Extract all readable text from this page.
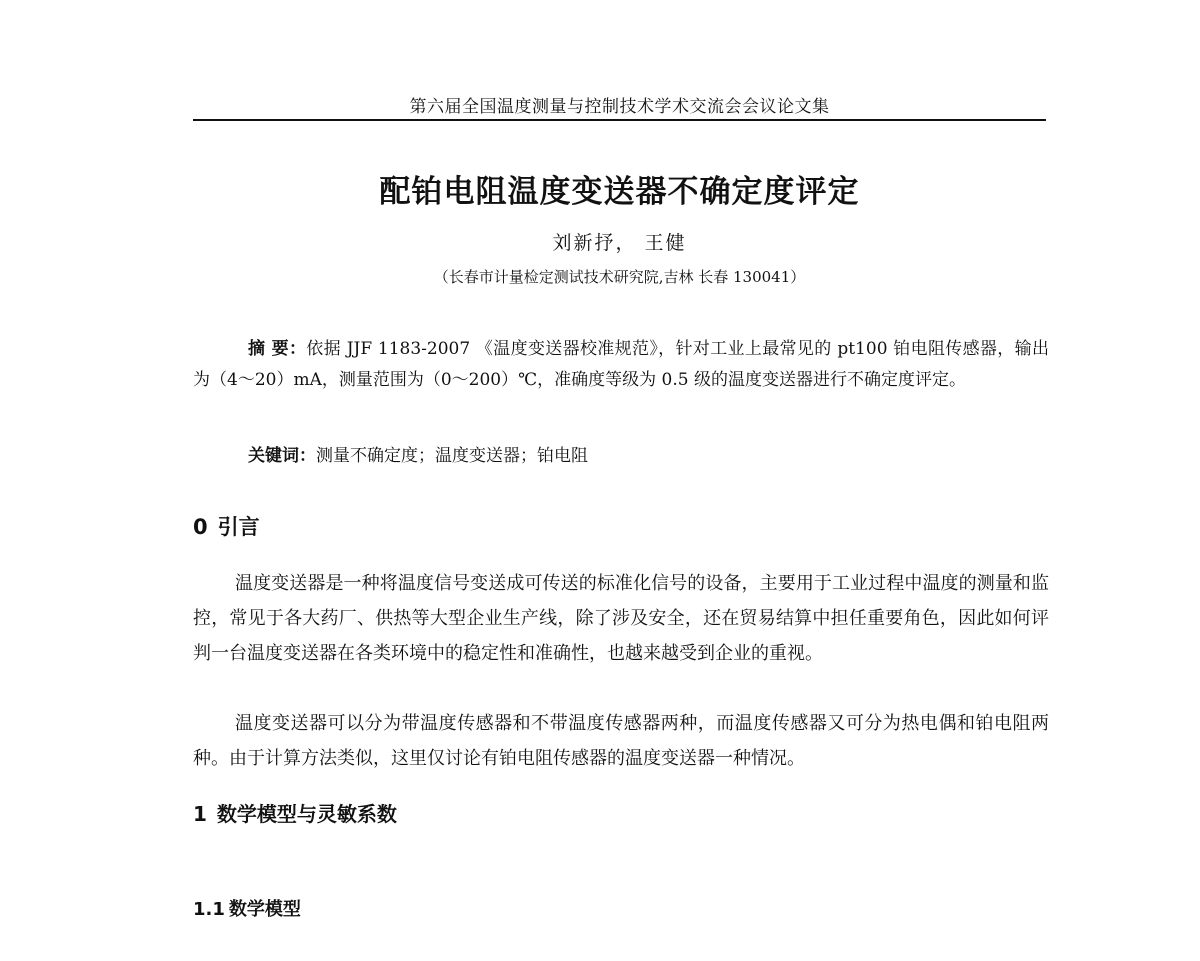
第六届全国温度测量与控制技术学术交流会会议论文集
配铂电阻温度变送器不确定度评定
刘新抒， 王健
（长春市计量检定测试技术研究院,吉林 长春 130041）

摘 要：依据 JJF 1183-2007 《温度变送器校准规范》，针对工业上最常见的 pt100 铂电阻传感器，输出为（4～20）mA，测量范围为（0～200）℃，准确度等级为 0.5 级的温度变送器进行不确定度评定。

关键词：测量不确定度；温度变送器；铂电阻

0 引言

温度变送器是一种将温度信号变送成可传送的标准化信号的设备，主要用于工业过程中温度的测量和监控，常见于各大药厂、供热等大型企业生产线，除了涉及安全，还在贸易结算中担任重要角色，因此如何评判一台温度变送器在各类环境中的稳定性和准确性，也越来越受到企业的重视。

温度变送器可以分为带温度传感器和不带温度传感器两种，而温度传感器又可分为热电偶和铂电阻两种。由于计算方法类似，这里仅讨论有铂电阻传感器的温度变送器一种情况。

1 数学模型与灵敏系数
1.1 数学模型
